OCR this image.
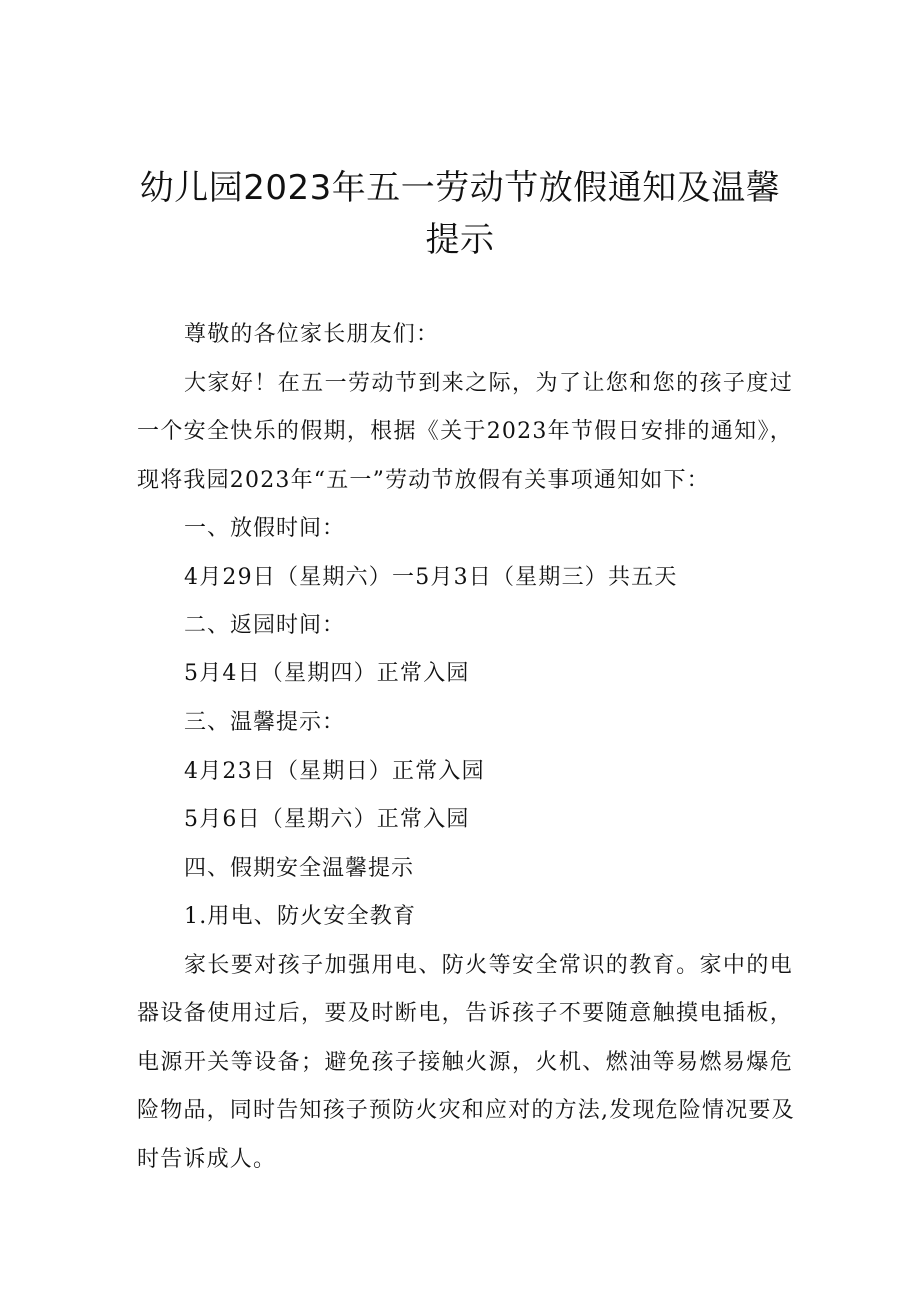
幼儿园2023年五一劳动节放假通知及温馨
提示
尊敬的各位家长朋友们：
大家好！在五一劳动节到来之际，为了让您和您的孩子度过
一个安全快乐的假期，根据《关于2023年节假日安排的通知》，
现将我园2023年“五一”劳动节放假有关事项通知如下：
一、放假时间：
4月29日（星期六）一5月3日（星期三）共五天
二、返园时间：
5月4日（星期四）正常入园
三、温馨提示：
4月23日（星期日）正常入园
5月6日（星期六）正常入园
四、假期安全温馨提示
1.用电、防火安全教育
家长要对孩子加强用电、防火等安全常识的教育。家中的电
器设备使用过后，要及时断电，告诉孩子不要随意触摸电插板，
电源开关等设备；避免孩子接触火源，火机、燃油等易燃易爆危
险物品，同时告知孩子预防火灾和应对的方法,发现危险情况要及
时告诉成人。
